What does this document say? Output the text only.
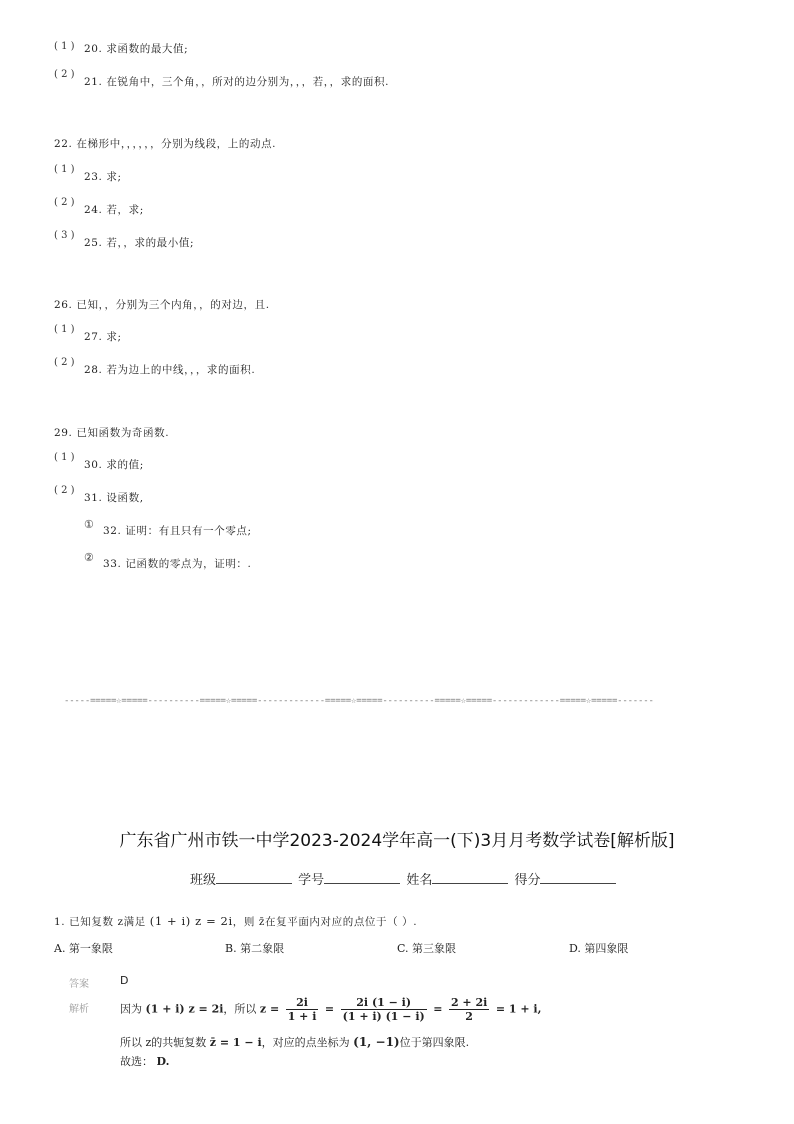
( 1 ) 20. 求函数的最大值;
( 2 )
21. 在锐角中，三个角，，所对的边分别为，，，若，，求的面积.
22. 在梯形中，，，，，，分别为线段，上的动点.
( 1 )
23. 求;
( 2 )
24. 若，求;
( 3 )
25. 若，，求的最小值;
26. 已知，，分别为三个内角，，的对边，且.
( 1 )
27. 求;
( 2 )
28. 若为边上的中线，，，求的面积.
29. 已知函数为奇函数.
( 1 )
30. 求的值;
( 2 )
31. 设函数,
① 32. 证明：有且只有一个零点;
② 33. 记函数的零点为，证明：.
-----=====☆=====----------=====☆=====-------------=====☆=====----------=====☆=====-------------=====☆=====-------
广东省广州市铁一中学2023-2024学年高一(下)3月月考数学试卷[解析版]
班级	学号	姓名	得分
1. 已知复数 z满足 (1 + i) z = 2i，则 z̄在复平面内对应的点位于（ ）.
A. 第一象限	B. 第二象限	C. 第三象限	D. 第四象限
答案	D
解析	因为 (1 + i) z = 2i，所以 $z = \frac{2i}{1 + i} = \frac{2i (1 - i)}{(1 + i) (1 - i)} = \frac{2 + 2i}{2} = 1 + i$,
所以 z的共轭复数 z̄ = 1 − i，对应的点坐标为 (1, −1)位于第四象限.
故选： D.
